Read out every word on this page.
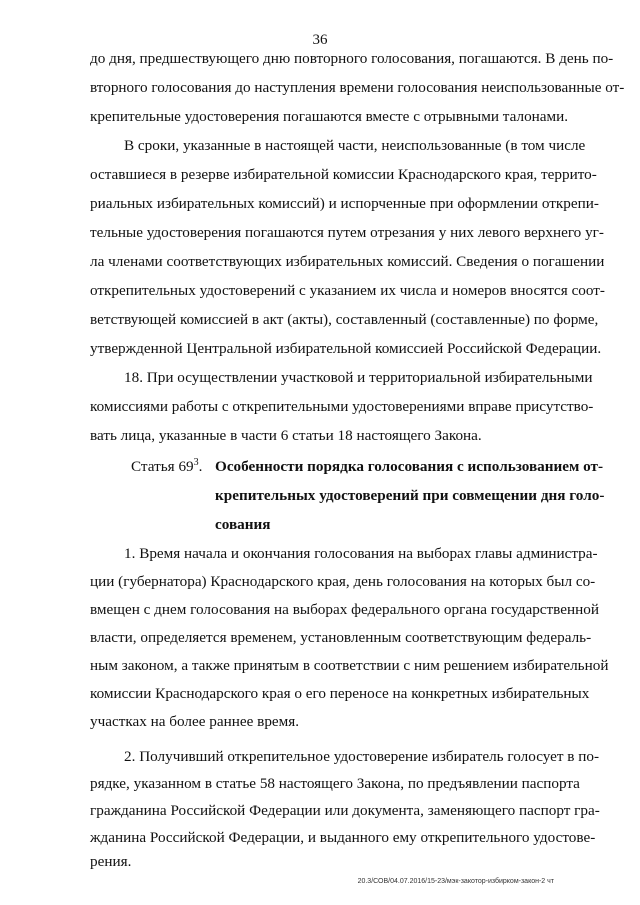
36
до дня, предшествующего дню повторного голосования, погашаются. В день по-
вторного голосования до наступления времени голосования неиспользованные от-
крепительные удостоверения погашаются вместе с отрывными талонами.
В сроки, указанные в настоящей части, неиспользованные (в том числе
оставшиеся в резерве избирательной комиссии Краснодарского края, террито-
риальных избирательных комиссий) и испорченные при оформлении открепи-
тельные удостоверения погашаются путем отрезания у них левого верхнего уг-
ла членами соответствующих избирательных комиссий. Сведения о погашении
открепительных удостоверений с указанием их числа и номеров вносятся соот-
ветствующей комиссией в акт (акты), составленный (составленные) по форме,
утвержденной Центральной избирательной комиссией Российской Федерации.
18. При осуществлении участковой и территориальной избирательными
комиссиями работы с открепительными удостоверениями вправе присутство-
вать лица, указанные в части 6 статьи 18 настоящего Закона.
Статья $69^3$. Особенности порядка голосования с использованием от-
крепительных удостоверений при совмещении дня голо-
сования
1. Время начала и окончания голосования на выборах главы администра-
ции (губернатора) Краснодарского края, день голосования на которых был со-
вмещен с днем голосования на выборах федерального органа государственной
власти, определяется временем, установленным соответствующим федераль-
ным законом, а также принятым в соответствии с ним решением избирательной
комиссии Краснодарского края о его переносе на конкретных избирательных
участках на более раннее время.
2. Получивший открепительное удостоверение избиратель голосует в по-
рядке, указанном в статье 58 настоящего Закона, по предъявлении паспорта
гражданина Российской Федерации или документа, заменяющего паспорт гра-
жданина Российской Федерации, и выданного ему открепительного удостове-
20.3/СОВ/04.07.2016/15-23/мэк-закотор-избирком-закон-2 чт
рения.
